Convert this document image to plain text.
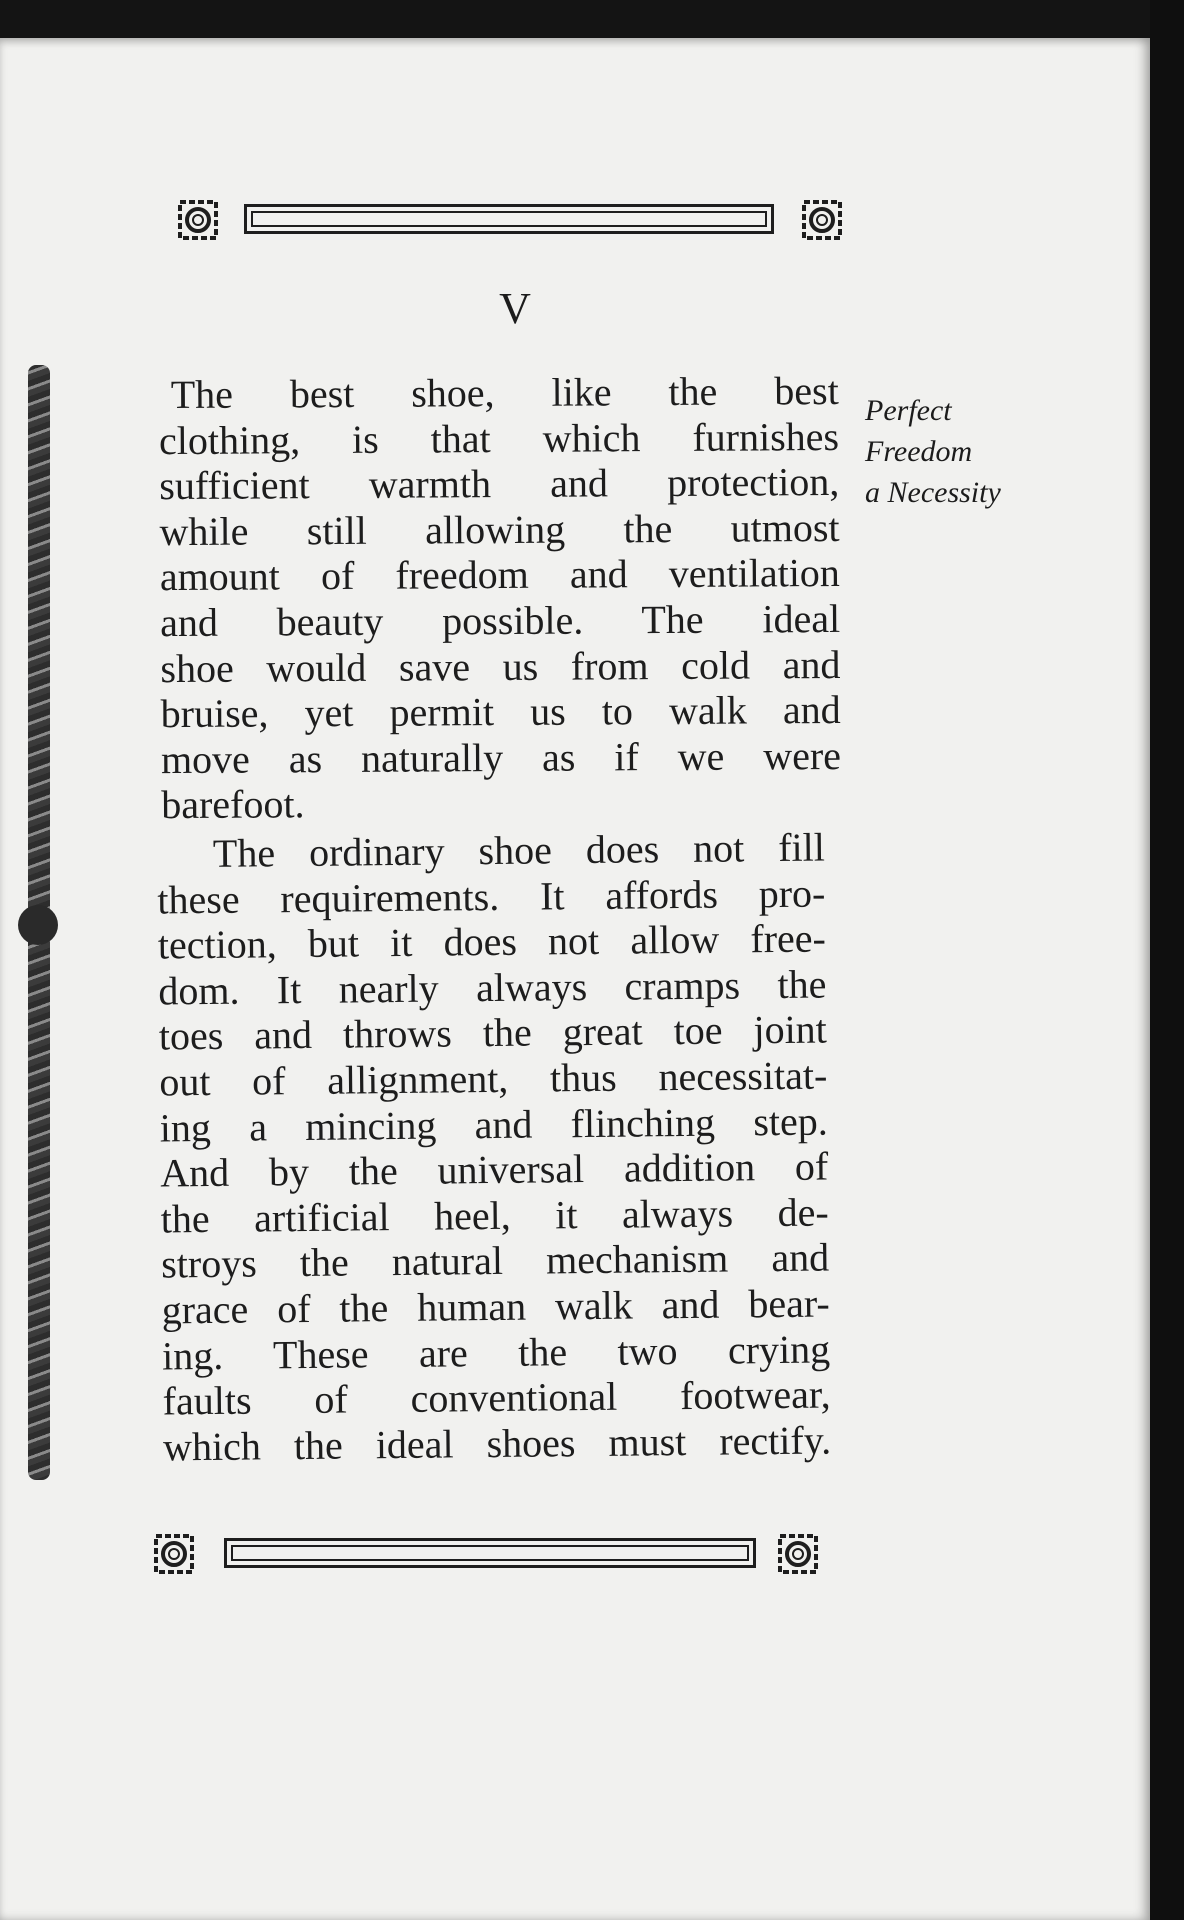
V
The best shoe, like the best
clothing, is that which furnishes
sufficient warmth and protection,
while still allowing the utmost
amount of freedom and ventilation
and beauty possible. The ideal
shoe would save us from cold and
bruise, yet permit us to walk and
move as naturally as if we were
barefoot.
Perfect
Freedom
a Necessity
The ordinary shoe does not fill
these requirements. It affords pro-
tection, but it does not allow free-
dom. It nearly always cramps the
toes and throws the great toe joint
out of allignment, thus necessitat-
ing a mincing and flinching step.
And by the universal addition of
the artificial heel, it always de-
stroys the natural mechanism and
grace of the human walk and bear-
ing. These are the two crying
faults of conventional footwear,
which the ideal shoes must rectify.
